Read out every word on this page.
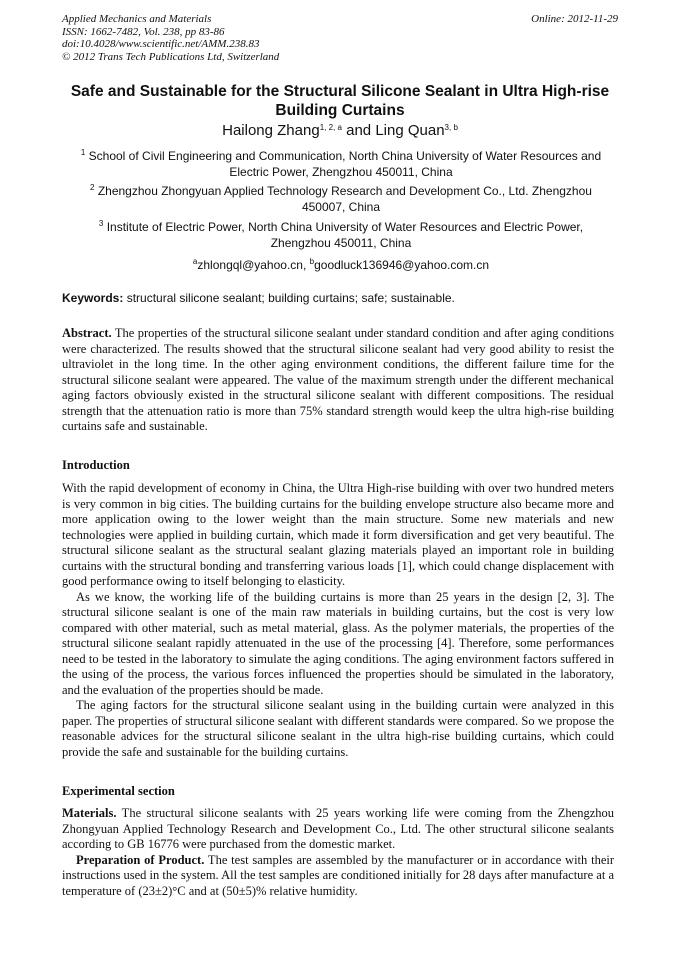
Applied Mechanics and Materials
ISSN: 1662-7482, Vol. 238, pp 83-86
doi:10.4028/www.scientific.net/AMM.238.83
© 2012 Trans Tech Publications Ltd, Switzerland
Online: 2012-11-29
Safe and Sustainable for the Structural Silicone Sealant in Ultra High-rise
Building Curtains
Hailong Zhang$^{1, 2, a}$ and Ling Quan$^{3, b}$
$^1$ School of Civil Engineering and Communication, North China University of Water Resources and
Electric Power, Zhengzhou 450011, China
$^2$ Zhengzhou Zhongyuan Applied Technology Research and Development Co., Ltd. Zhengzhou
450007, China
$^3$ Institute of Electric Power, North China University of Water Resources and Electric Power,
Zhengzhou 450011, China
$^a$zhlongql@yahoo.cn, $^b$goodluck136946@yahoo.com.cn
Keywords: structural silicone sealant; building curtains; safe; sustainable.

Abstract. The properties of the structural silicone sealant under standard condition and after aging conditions were characterized. The results showed that the structural silicone sealant had very good ability to resist the ultraviolet in the long time. In the other aging environment conditions, the different failure time for the structural silicone sealant were appeared. The value of the maximum strength under the different mechanical aging factors obviously existed in the structural silicone sealant with different compositions. The residual strength that the attenuation ratio is more than 75% standard strength would keep the ultra high-rise building curtains safe and sustainable.

Introduction

With the rapid development of economy in China, the Ultra High-rise building with over two hundred meters is very common in big cities. The building curtains for the building envelope structure also became more and more application owing to the lower weight than the main structure. Some new materials and new technologies were applied in building curtain, which made it form diversification and get very beautiful. The structural silicone sealant as the structural sealant glazing materials played an important role in building curtains with the structural bonding and transferring various loads [1], which could change displacement with good performance owing to itself belonging to elasticity.

As we know, the working life of the building curtains is more than 25 years in the design [2, 3]. The structural silicone sealant is one of the main raw materials in building curtains, but the cost is very low compared with other material, such as metal material, glass. As the polymer materials, the properties of the structural silicone sealant rapidly attenuated in the use of the processing [4]. Therefore, some performances need to be tested in the laboratory to simulate the aging conditions. The aging environment factors suffered in the using of the process, the various forces influenced the properties should be simulated in the laboratory, and the evaluation of the properties should be made.

The aging factors for the structural silicone sealant using in the building curtain were analyzed in this paper. The properties of structural silicone sealant with different standards were compared. So we propose the reasonable advices for the structural silicone sealant in the ultra high-rise building curtains, which could provide the safe and sustainable for the building curtains.

Experimental section

Materials. The structural silicone sealants with 25 years working life were coming from the Zhengzhou Zhongyuan Applied Technology Research and Development Co., Ltd. The other structural silicone sealants according to GB 16776 were purchased from the domestic market.

Preparation of Product. The test samples are assembled by the manufacturer or in accordance with their instructions used in the system. All the test samples are conditioned initially for 28 days after manufacture at a temperature of (23±2)°C and at (50±5)% relative humidity.
